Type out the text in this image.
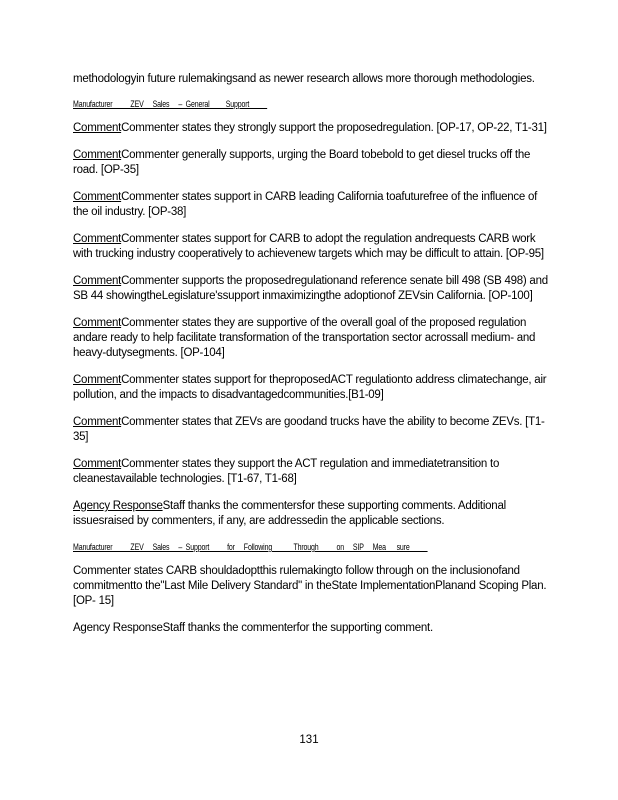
methodologyin future rulemakingsand as newer research allows more thorough methodologies.

Manufacturer          ZEV     Sales     –  General         Support

CommentCommenter states they strongly support the proposedregulation. [OP-17, OP-22, T1-31]

CommentCommenter generally supports, urging the Board tobebold to get diesel trucks off the road. [OP-35]

CommentCommenter states support in CARB leading California toafuturefree of the influence of the oil industry. [OP-38]

CommentCommenter states support for CARB to adopt the regulation andrequests CARB work with trucking industry cooperatively to achievenew targets which may be difficult to attain. [OP-95]

CommentCommenter supports the proposedregulationand reference senate bill 498 (SB 498) and SB 44 showingtheLegislature'ssupport inmaximizingthe adoptionof ZEVsin California. [OP-100]

CommentCommenter states they are supportive of the overall goal of the proposed regulation andare ready to help facilitate transformation of the transportation sector acrossall medium- and heavy-dutysegments. [OP-104]

CommentCommenter states support for theproposedACT regulationto address climatechange, air pollution, and the impacts to disadvantagedcommunities.[B1-09]

CommentCommenter states that ZEVs are goodand trucks have the ability to become ZEVs. [T1-35]

CommentCommenter states they support the ACT regulation and immediatetransition to cleanestavailable technologies. [T1-67, T1-68]

Agency ResponseStaff thanks the commentersfor these supporting comments. Additional issuesraised by commenters, if any, are addressedin the applicable sections.

Manufacturer          ZEV     Sales     –  Support          for     Following            Through          on     SIP     Mea      sure

Commenter states CARB shouldadoptthis rulemakingto follow through on the inclusionofand commitmentto the"Last Mile Delivery Standard" in theState ImplementationPlanand Scoping Plan. [OP- 15]

Agency ResponseStaff thanks the commenterfor the supporting comment.

131
